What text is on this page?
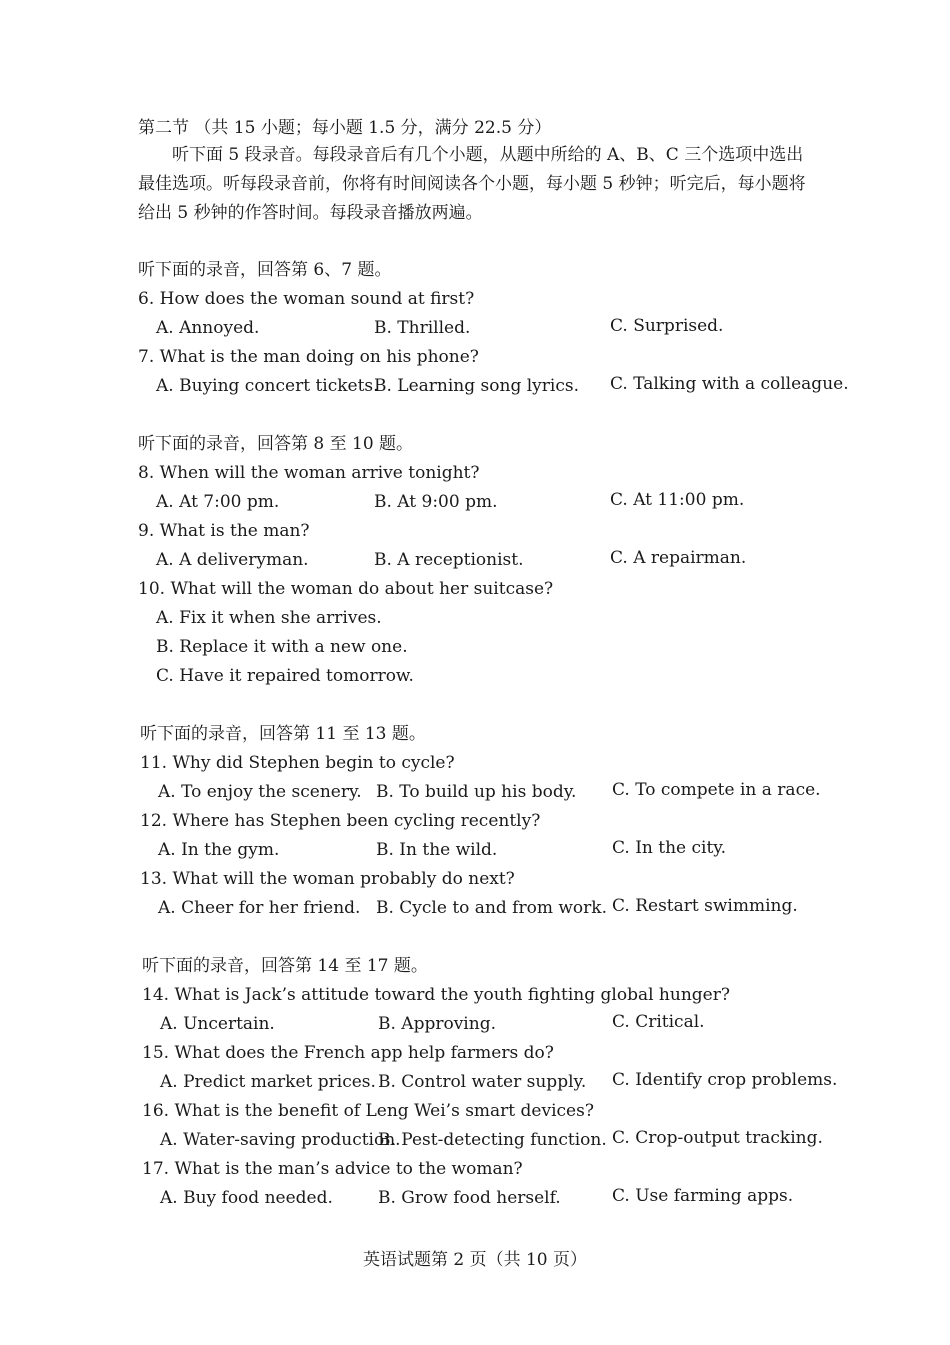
第二节 （共 15 小题；每小题 1.5 分，满分 22.5 分）

听下面 5 段录音。每段录音后有几个小题，从题中所给的 A、B、C 三个选项中选出最佳选项。听每段录音前，你将有时间阅读各个小题，每小题 5 秒钟；听完后，每小题将给出 5 秒钟的作答时间。每段录音播放两遍。

听下面的录音，回答第 6、7 题。
6. How does the woman sound at first?
A. Annoyed.	B. Thrilled.	C. Surprised.
7. What is the man doing on his phone?
A. Buying concert tickets.
B. Learning song lyrics. C. Talking with a colleague.
听下面的录音，回答第 8 至 10 题。
8. When will the woman arrive tonight?
A. At 7:00 pm.	B. At 9:00 pm.	C. At 11:00 pm.
9. What is the man?
A. A deliveryman.	B. A receptionist.	C. A repairman.
10. What will the woman do about her suitcase?
A. Fix it when she arrives.
B. Replace it with a new one.
C. Have it repaired tomorrow.
听下面的录音，回答第 11 至 13 题。
11. Why did Stephen begin to cycle?
A. To enjoy the scenery. B. To build up his body. C. To compete in a race.
12. Where has Stephen been cycling recently?
A. In the gym.	B. In the wild.	C. In the city.
13. What will the woman probably do next?
A. Cheer for her friend. B. Cycle to and from work. C. Restart swimming.
听下面的录音，回答第 14 至 17 题。
14. What is Jack’s attitude toward the youth fighting global hunger?
A. Uncertain.	B. Approving.	C. Critical.
15. What does the French app help farmers do?
A. Predict market prices. B. Control water supply. C. Identify crop problems.
16. What is the benefit of Leng Wei’s smart devices?
A. Water-saving production.
B. Pest-detecting function. C. Crop-output tracking.
17. What is the man’s advice to the woman?
A. Buy food needed.	B. Grow food herself.	C. Use farming apps.
英语试题第 2 页（共 10 页）
